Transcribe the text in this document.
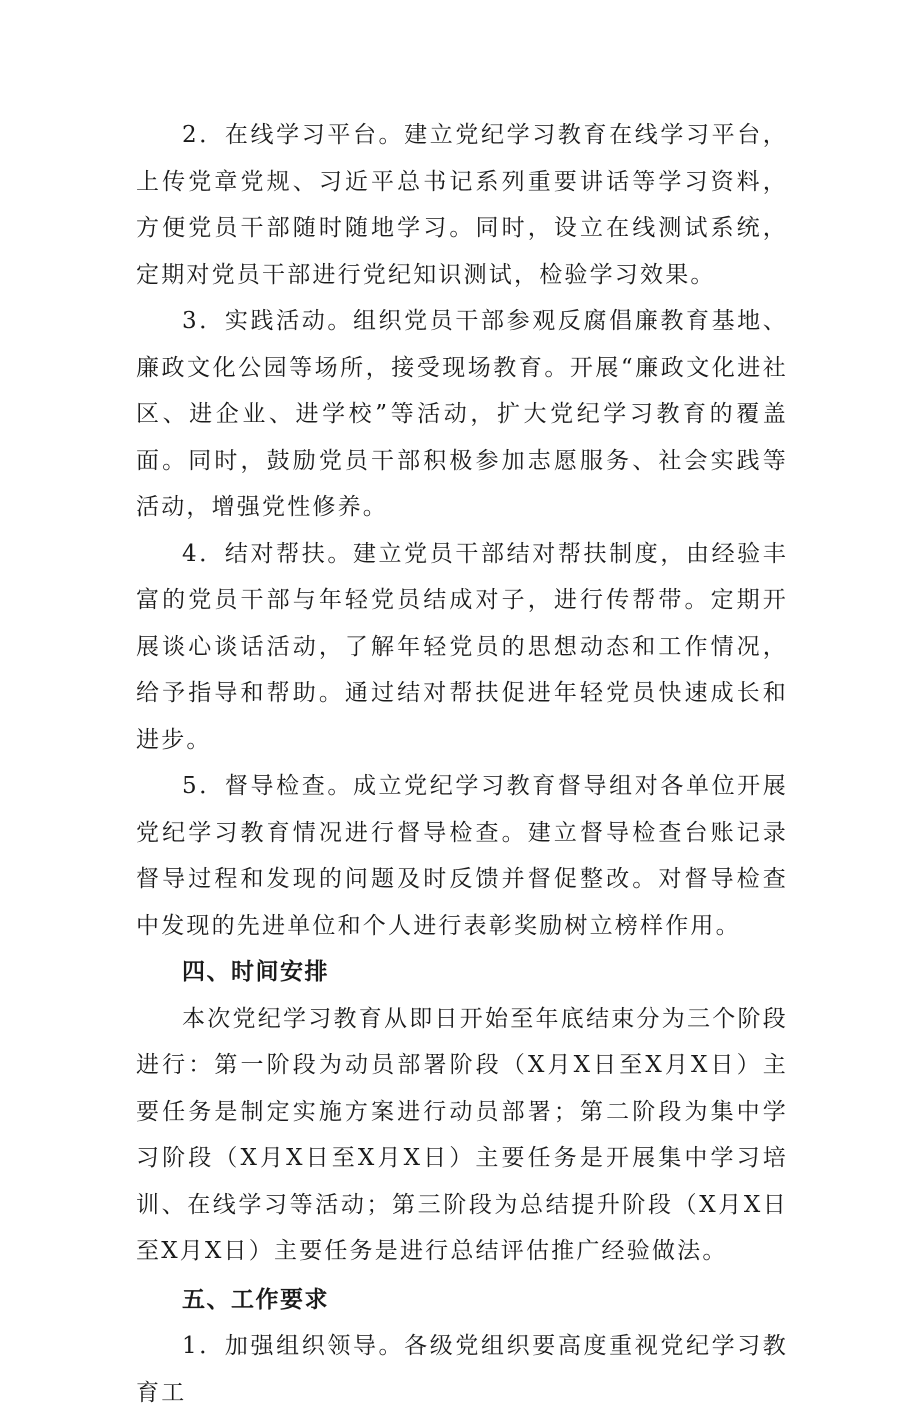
2．在线学习平台。建立党纪学习教育在线学习平台，上传党章党规、习近平总书记系列重要讲话等学习资料，方便党员干部随时随地学习。同时，设立在线测试系统，定期对党员干部进行党纪知识测试，检验学习效果。

3．实践活动。组织党员干部参观反腐倡廉教育基地、廉政文化公园等场所，接受现场教育。开展“廉政文化进社区、进企业、进学校”等活动，扩大党纪学习教育的覆盖面。同时，鼓励党员干部积极参加志愿服务、社会实践等活动，增强党性修养。

4．结对帮扶。建立党员干部结对帮扶制度，由经验丰富的党员干部与年轻党员结成对子，进行传帮带。定期开展谈心谈话活动，了解年轻党员的思想动态和工作情况，给予指导和帮助。通过结对帮扶促进年轻党员快速成长和进步。

5．督导检查。成立党纪学习教育督导组对各单位开展党纪学习教育情况进行督导检查。建立督导检查台账记录督导过程和发现的问题及时反馈并督促整改。对督导检查中发现的先进单位和个人进行表彰奖励树立榜样作用。

四、时间安排

本次党纪学习教育从即日开始至年底结束分为三个阶段进行：第一阶段为动员部署阶段（X月X日至X月X日）主要任务是制定实施方案进行动员部署；第二阶段为集中学习阶段（X月X日至X月X日）主要任务是开展集中学习培训、在线学习等活动；第三阶段为总结提升阶段（X月X日至X月X日）主要任务是进行总结评估推广经验做法。

五、工作要求

1．加强组织领导。各级党组织要高度重视党纪学习教育工
